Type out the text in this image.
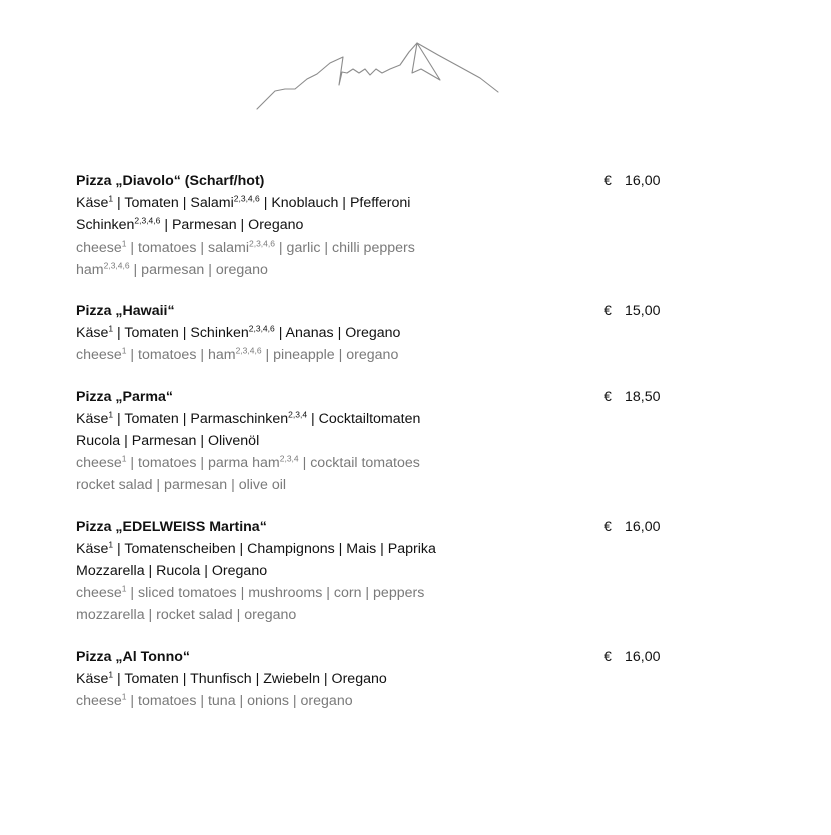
Pizza „Diavolo“ (Scharf/hot)	€ 16,00
Käse$^1$ | Tomaten | Salami$^{2,3,4,6}$ | Knoblauch | Pfefferoni
Schinken$^{2,3,4,6}$ | Parmesan | Oregano
cheese$^1$ | tomatoes | salami$^{2,3,4,6}$ | garlic | chilli peppers
ham$^{2,3,4,6}$ | parmesan | oregano
Pizza „Hawaii“	€ 15,00
Käse$^1$ | Tomaten | Schinken$^{2,3,4,6}$ | Ananas | Oregano
cheese$^1$ | tomatoes | ham$^{2,3,4,6}$ | pineapple | oregano
Pizza „Parma“	€ 18,50
Käse$^1$ | Tomaten | Parmaschinken$^{2,3,4}$ | Cocktailtomaten
Rucola | Parmesan | Olivenöl
cheese$^1$ | tomatoes | parma ham$^{2,3,4}$ | cocktail tomatoes
rocket salad | parmesan | olive oil
Pizza „EDELWEISS Martina“	€ 16,00
Käse$^1$ | Tomatenscheiben | Champignons | Mais | Paprika
Mozzarella | Rucola | Oregano
cheese$^1$ | sliced tomatoes | mushrooms | corn | peppers
mozzarella | rocket salad | oregano
Pizza „Al Tonno“	€ 16,00
Käse$^1$ | Tomaten | Thunfisch | Zwiebeln | Oregano
cheese$^1$ | tomatoes | tuna | onions | oregano
